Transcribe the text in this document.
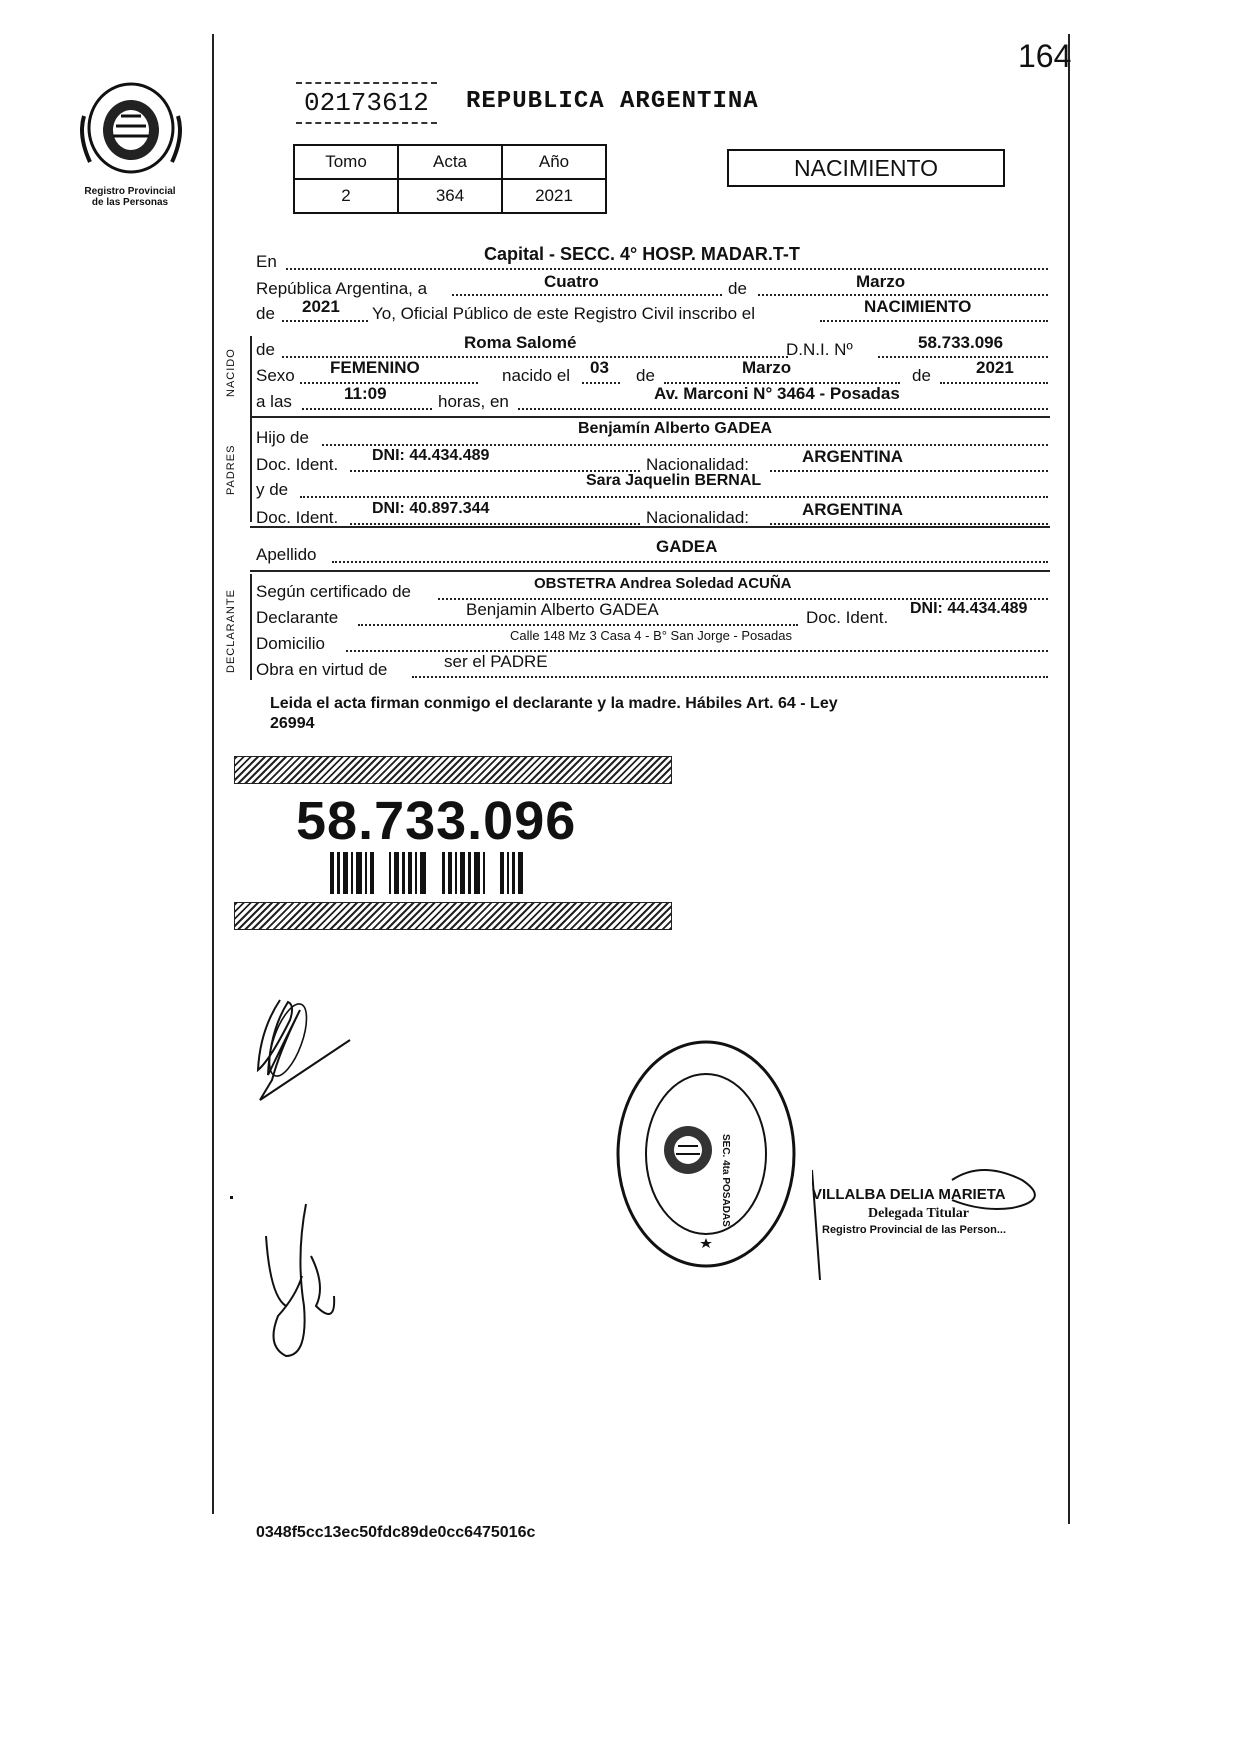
164
Registro Provincial
de las Personas
02173612	REPUBLICA ARGENTINA
Tomo	Acta	Año
2	364	2021
NACIMIENTO
En	Capital - SECC. 4° HOSP. MADAR.T-T
República Argentina, a	Cuatro	de	Marzo
de 2021 Yo, Oficial Público de este Registro Civil inscribo el	NACIMIENTO
NACIDO de	Roma Salomé	D.N.I. Nº	58.733.096
Sexo FEMENINO	nacido el 03 de	Marzo	de	2021
a las	11:09	horas, en	Av. Marconi N° 3464 - Posadas
PADRES
Hijo de	Benjamín Alberto GADEA
Doc. Ident. DNI: 44.434.489	Nacionalidad:	ARGENTINA
y de	Sara Jaquelin BERNAL
Doc. Ident. DNI: 40.897.344	Nacionalidad:	ARGENTINA
Apellido	GADEA
DECLARANTE Según certificado de	OBSTETRA Andrea Soledad ACUÑA
Declarante	Benjamin Alberto GADEA	Doc. Ident. DNI: 44.434.489
Domicilio	Calle 148 Mz 3 Casa 4 - B° San Jorge - Posadas
Obra en virtud de	ser el PADRE
Leida el acta firman conmigo el declarante y la madre. Hábiles Art. 64 - Ley
26994
58.733.096

SEC. 4ta POSADAS	VILLALBA DELIA MARIETA
Delegada Titular
Registro Provincial de las Person...
0348f5cc13ec50fdc89de0cc6475016c
